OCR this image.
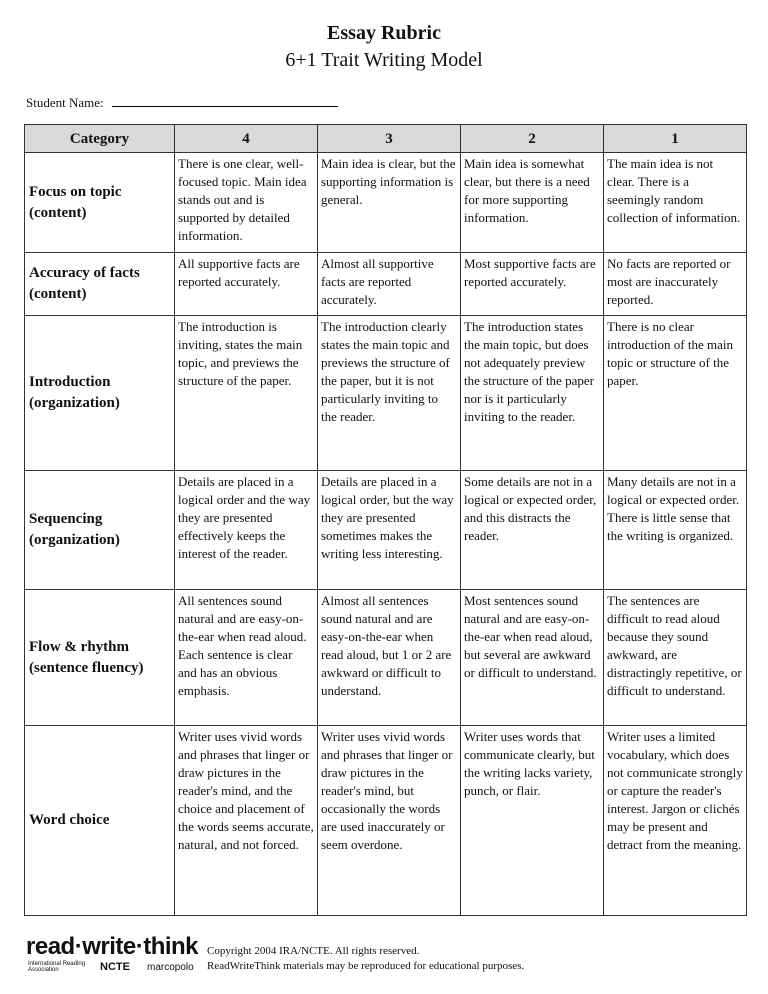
Essay Rubric
6+1 Trait Writing Model
Student Name:
Category	4	3	2	1
Focus on topic
(content)	There is one clear, well-focused topic. Main idea stands out and is supported by detailed information.	Main idea is clear, but the supporting information is general.	Main idea is somewhat clear, but there is a need for more supporting information.	The main idea is not clear. There is a seemingly random collection of information.
Accuracy of facts
(content)	All supportive facts are reported accurately.	Almost all supportive facts are reported accurately.	Most supportive facts are reported accurately.	No facts are reported or most are inaccurately reported.
Introduction
(organization)	The introduction is inviting, states the main topic, and previews the structure of the paper.	The introduction clearly states the main topic and previews the structure of the paper, but it is not particularly inviting to the reader.	The introduction states the main topic, but does not adequately preview the structure of the paper nor is it particularly inviting to the reader.	There is no clear introduction of the main topic or structure of the paper.
Sequencing
(organization)	Details are placed in a logical order and the way they are presented effectively keeps the interest of the reader.	Details are placed in a logical order, but the way they are presented sometimes makes the writing less interesting.	Some details are not in a logical or expected order, and this distracts the reader.	Many details are not in a logical or expected order. There is little sense that the writing is organized.
Flow & rhythm
(sentence fluency)	All sentences sound natural and are easy-on-the-ear when read aloud. Each sentence is clear and has an obvious emphasis.	Almost all sentences sound natural and are easy-on-the-ear when read aloud, but 1 or 2 are awkward or difficult to understand.	Most sentences sound natural and are easy-on-the-ear when read aloud, but several are awkward or difficult to understand.	The sentences are difficult to read aloud because they sound awkward, are distractingly repetitive, or difficult to understand.
Word choice	Writer uses vivid words and phrases that linger or draw pictures in the reader's mind, and the choice and placement of the words seems accurate, natural, and not forced.	Writer uses vivid words and phrases that linger or draw pictures in the reader's mind, but occasionally the words are used inaccurately or seem overdone.	Writer uses words that communicate clearly, but the writing lacks variety, punch, or flair.	Writer uses a limited vocabulary, which does not communicate strongly or capture the reader's interest. Jargon or clichés may be present and detract from the meaning.
read·write·think
International Reading Association	NCTE marcopolo
Copyright 2004 IRA/NCTE. All rights reserved.
ReadWriteThink materials may be reproduced for educational purposes.
